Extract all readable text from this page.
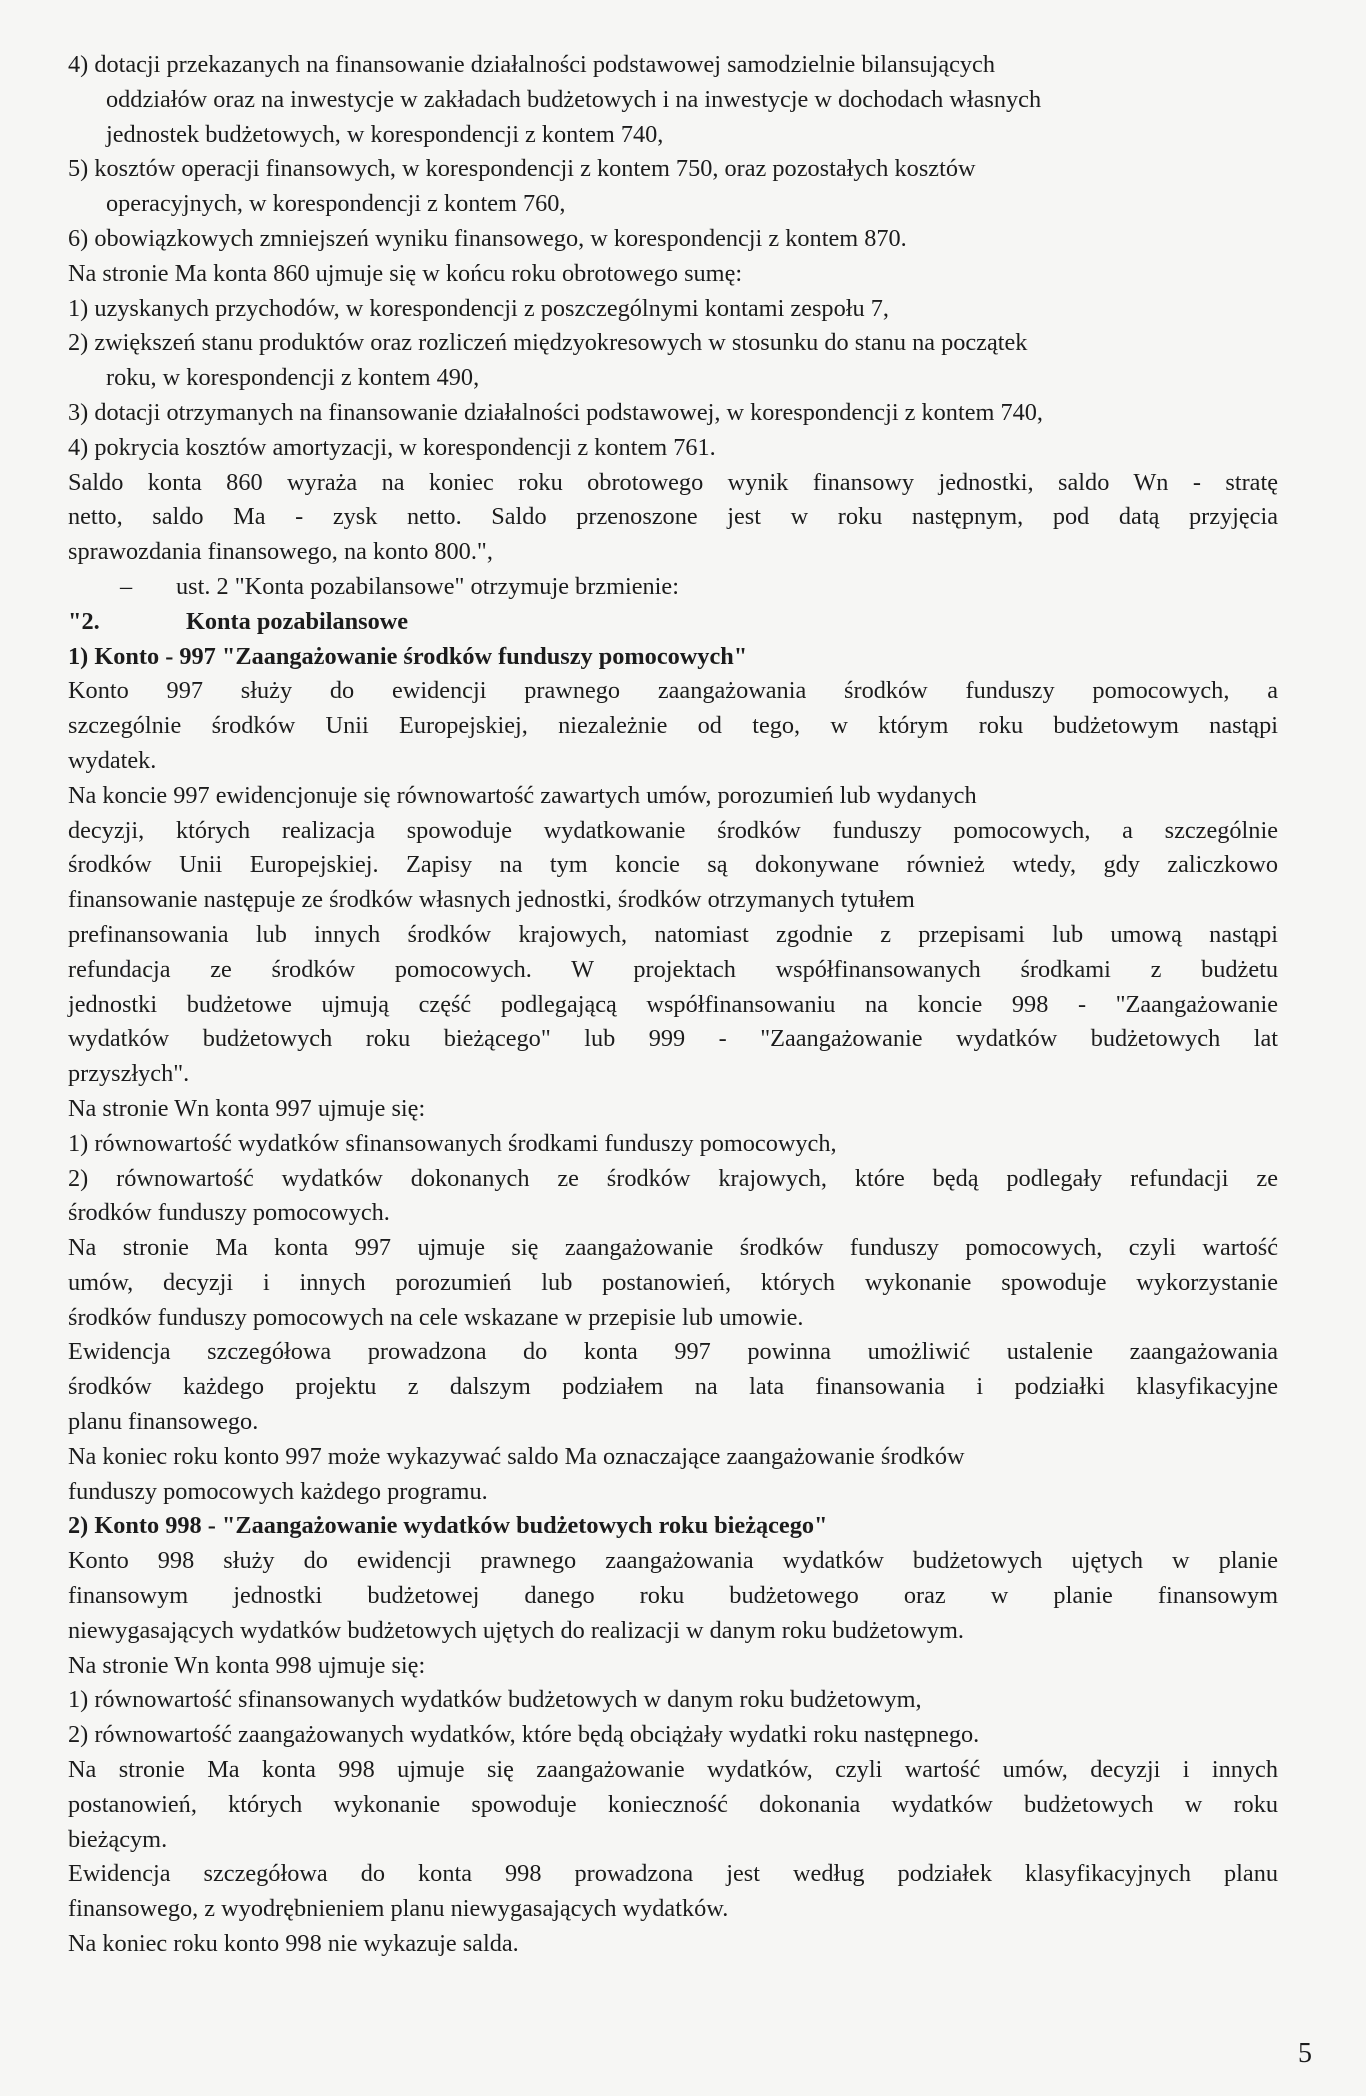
4) dotacji przekazanych na finansowanie działalności podstawowej samodzielnie bilansujących
oddziałów oraz na inwestycje w zakładach budżetowych i na inwestycje w dochodach własnych
jednostek budżetowych, w korespondencji z kontem 740,
5) kosztów operacji finansowych, w korespondencji z kontem 750, oraz pozostałych kosztów
operacyjnych, w korespondencji z kontem 760,
6) obowiązkowych zmniejszeń wyniku finansowego, w korespondencji z kontem 870.
Na stronie Ma konta 860 ujmuje się w końcu roku obrotowego sumę:
1) uzyskanych przychodów, w korespondencji z poszczególnymi kontami zespołu 7,
2) zwiększeń stanu produktów oraz rozliczeń międzyokresowych w stosunku do stanu na początek
roku, w korespondencji z kontem 490,
3) dotacji otrzymanych na finansowanie działalności podstawowej, w korespondencji z kontem 740,
4) pokrycia kosztów amortyzacji, w korespondencji z kontem 761.
Saldo konta 860 wyraża na koniec roku obrotowego wynik finansowy jednostki, saldo Wn - stratę
netto, saldo Ma - zysk netto. Saldo przenoszone jest w roku następnym, pod datą przyjęcia
sprawozdania finansowego, na konto 800.",
– ust. 2 "Konta pozabilansowe" otrzymuje brzmienie:
"2.	Konta pozabilansowe
1) Konto - 997 "Zaangażowanie środków funduszy pomocowych"
Konto 997 służy do ewidencji prawnego zaangażowania środków funduszy pomocowych, a
szczególnie środków Unii Europejskiej, niezależnie od tego, w którym roku budżetowym nastąpi
wydatek.
Na koncie 997 ewidencjonuje się równowartość zawartych umów, porozumień lub wydanych
decyzji, których realizacja spowoduje wydatkowanie środków funduszy pomocowych, a szczególnie
środków Unii Europejskiej. Zapisy na tym koncie są dokonywane również wtedy, gdy zaliczkowo
finansowanie następuje ze środków własnych jednostki, środków otrzymanych tytułem
prefinansowania lub innych środków krajowych, natomiast zgodnie z przepisami lub umową nastąpi
refundacja ze środków pomocowych. W projektach współfinansowanych środkami z budżetu
jednostki budżetowe ujmują część podlegającą współfinansowaniu na koncie 998 - "Zaangażowanie
wydatków budżetowych roku bieżącego" lub 999 - "Zaangażowanie wydatków budżetowych lat
przyszłych".
Na stronie Wn konta 997 ujmuje się:
1) równowartość wydatków sfinansowanych środkami funduszy pomocowych,
2) równowartość wydatków dokonanych ze środków krajowych, które będą podlegały refundacji ze
środków funduszy pomocowych.
Na stronie Ma konta 997 ujmuje się zaangażowanie środków funduszy pomocowych, czyli wartość
umów, decyzji i innych porozumień lub postanowień, których wykonanie spowoduje wykorzystanie
środków funduszy pomocowych na cele wskazane w przepisie lub umowie.
Ewidencja szczegółowa prowadzona do konta 997 powinna umożliwić ustalenie zaangażowania
środków każdego projektu z dalszym podziałem na lata finansowania i podziałki klasyfikacyjne
planu finansowego.
Na koniec roku konto 997 może wykazywać saldo Ma oznaczające zaangażowanie środków
funduszy pomocowych każdego programu.
2) Konto 998 - "Zaangażowanie wydatków budżetowych roku bieżącego"
Konto 998 służy do ewidencji prawnego zaangażowania wydatków budżetowych ujętych w planie
finansowym jednostki budżetowej danego roku budżetowego oraz w planie finansowym
niewygasających wydatków budżetowych ujętych do realizacji w danym roku budżetowym.
Na stronie Wn konta 998 ujmuje się:
1) równowartość sfinansowanych wydatków budżetowych w danym roku budżetowym,
2) równowartość zaangażowanych wydatków, które będą obciążały wydatki roku następnego.
Na stronie Ma konta 998 ujmuje się zaangażowanie wydatków, czyli wartość umów, decyzji i innych
postanowień, których wykonanie spowoduje konieczność dokonania wydatków budżetowych w roku
bieżącym.
Ewidencja szczegółowa do konta 998 prowadzona jest według podziałek klasyfikacyjnych planu
finansowego, z wyodrębnieniem planu niewygasających wydatków.
Na koniec roku konto 998 nie wykazuje salda.
5
